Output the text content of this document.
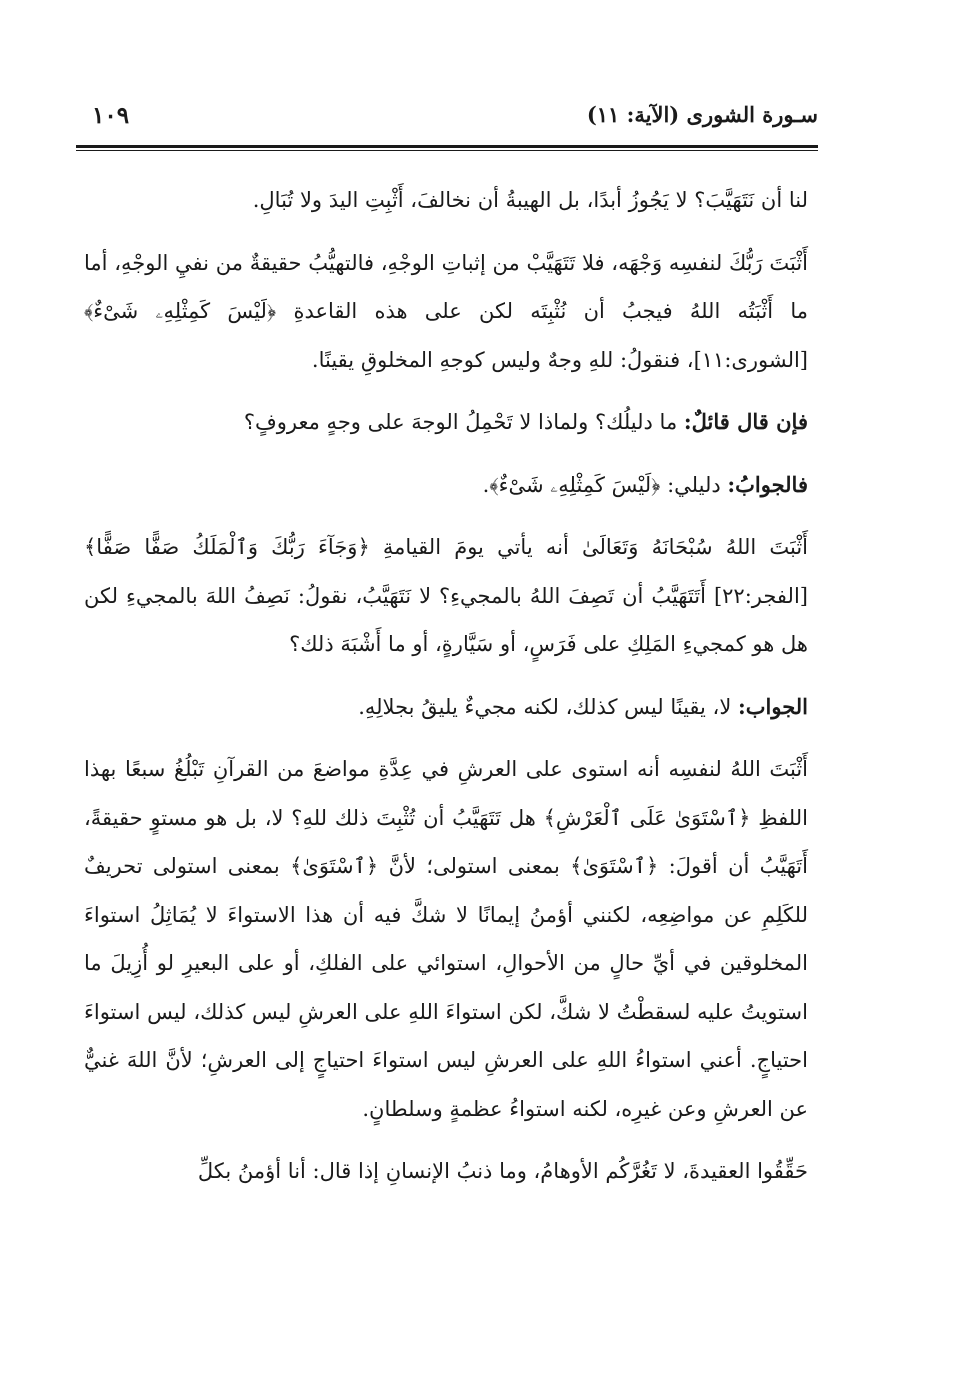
سـورة الشورى (الآية: ١١)
١٠٩

لنا أن نَتَهَيَّبَ؟ لا يَجُوزُ أبدًا، بل الهيبةُ أن نخالفَ، أَثْبِتِ اليدَ ولا تُبَالِ.

أَثْبَتَ رَبُّكَ لنفسِه وَجْهَه، فلا تَتَهَيَّبْ من إثباتِ الوجْهِ، فالتهيُّبُ حقيقةٌ من نفيِ الوجْهِ، أما ما أَثْبَتُه اللهُ فيجبُ أن نُثْبِتَه لكن على هذه القاعدةِ ﴿لَيْسَ كَمِثْلِهِۦ شَىْءٌ﴾ [الشورى:١١]، فنقولُ: للهِ وجهٌ وليس كوجهِ المخلوقِ يقينًا.

فإن قال قائلٌ: ما دليلُك؟ ولماذا لا تَحْمِلُ الوجهَ على وجهٍ معروفٍ؟

فالجوابُ: دليلي: ﴿لَيْسَ كَمِثْلِهِۦ شَىْءٌ﴾.

أَثْبَتَ اللهُ سُبْحَانَهُ وَتَعَالَىٰ أنه يأتي يومَ القيامةِ ﴿وَجَآءَ رَبُّكَ وَٱلْمَلَكُ صَفًّا صَفًّا﴾ [الفجر:٢٢] أَتَتَهَيَّبُ أن تَصِفَ اللهُ بالمجيءِ؟ لا نَتَهَيَّبُ، نقولُ: نَصِفُ اللهَ بالمجيءِ لكن هل هو كمجيءِ المَلِكِ على فَرَسٍ، أو سَيَّارةٍ، أو ما أَشْبَهَ ذلك؟

الجواب: لا، يقينًا ليس كذلك، لكنه مجيءٌ يليقُ بجلالِهِ.

أَثْبَتَ اللهُ لنفسِه أنه استوى على العرشِ في عِدَّةِ مواضعَ من القرآنِ تَبْلُغُ سبعًا بهذا اللفظِ ﴿ٱسْتَوَىٰ عَلَى ٱلْعَرْشِ﴾ هل تَتَهَيَّبُ أن تُثْبِتَ ذلك للهِ؟ لا، بل هو مستوٍ حقيقةً، أَتَهَيَّبُ أن أقولَ: ﴿ٱسْتَوَىٰ﴾ بمعنى استولى؛ لأنَّ ﴿ٱسْتَوَىٰ﴾ بمعنى استولى تحريفٌ للكَلِمِ عن مواضِعِه، لكنني أؤمنُ إيمانًا لا شكَّ فيه أن هذا الاستواءَ لا يُمَاثِلُ استواءَ المخلوقين في أيِّ حالٍ من الأحوالِ، استوائي على الفلكِ، أو على البعيرِ لو أُزِيلَ ما استويتُ عليه لسقطْتُ لا شكَّ، لكن استواءَ اللهِ على العرشِ ليس كذلك، ليس استواءَ احتياجٍ. أعني استواءُ اللهِ على العرشِ ليس استواءَ احتياجٍ إلى العرشِ؛ لأنَّ اللهَ غنيٌّ عن العرشِ وعن غيرِه، لكنه استواءُ عظمةٍ وسلطانٍ.

حَقِّقُوا العقيدةَ، لا تَغُرَّكُم الأوهامُ، وما ذنبُ الإنسانِ إذا قال: أنا أؤمنُ بكلِّ
